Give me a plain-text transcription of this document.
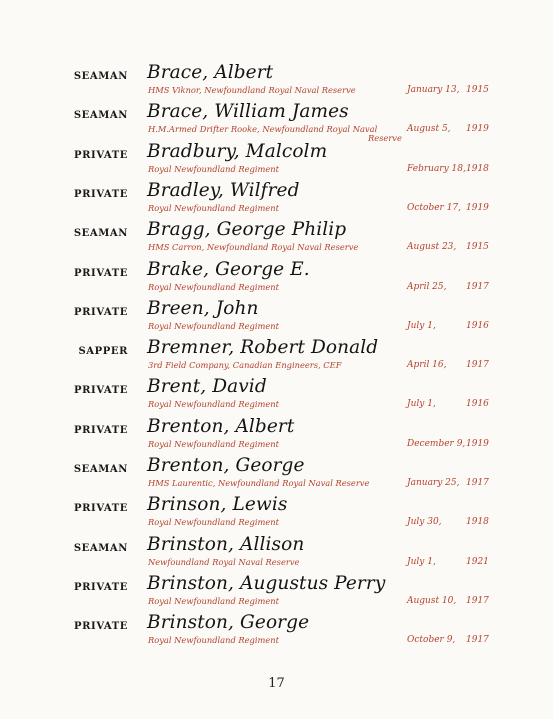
SEAMAN Brace, Albert
HMS Viknor, Newfoundland Royal Naval Reserve	January 13, 1915
SEAMAN Brace, William James
H.M.Armed Drifter Rooke, Newfoundland Royal Naval
Reserve
August 5, 1919
PRIVATE Bradbury, Malcolm
Royal Newfoundland Regiment	February 18, 1918
PRIVATE Bradley, Wilfred
Royal Newfoundland Regiment	October 17, 1919
SEAMAN Bragg, George Philip
HMS Carron, Newfoundland Royal Naval Reserve	August 23, 1915
PRIVATE Brake, George E.
Royal Newfoundland Regiment	April 25, 1917
PRIVATE Breen, John
Royal Newfoundland Regiment	July 1,	1916
SAPPER Bremner, Robert Donald
3rd Field Company, Canadian Engineers, CEF	April 16, 1917
PRIVATE Brent, David
Royal Newfoundland Regiment	July 1,	1916
PRIVATE Brenton, Albert
Royal Newfoundland Regiment	December 9, 1919
SEAMAN Brenton, George
HMS Laurentic, Newfoundland Royal Naval Reserve	January 25, 1917
PRIVATE Brinson, Lewis
Royal Newfoundland Regiment	July 30,	1918
SEAMAN Brinston, Allison
Newfoundland Royal Naval Reserve	July 1,	1921
PRIVATE Brinston, Augustus Perry
Royal Newfoundland Regiment	August 10, 1917
PRIVATE Brinston, George
Royal Newfoundland Regiment	October 9, 1917
17
